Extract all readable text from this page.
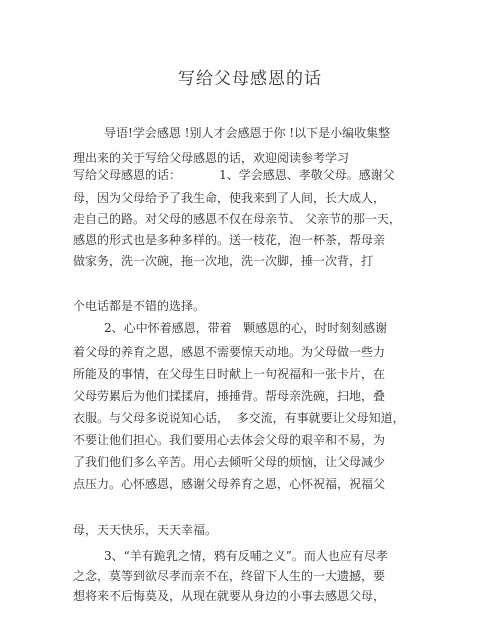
写给父母感恩的话
导语!学会感恩 !别人才会感恩于你 !以下是小编收集整
理出来的关于写给父母感恩的话，欢迎阅读参考学习
写给父母感恩的话：          1、学会感恩、孝敬父母。感谢父
母，因为父母给予了我生命，使我来到了人间，长大成人，
走自己的路。对父母的感恩不仅在母亲节、 父亲节的那一天，
感恩的形式也是多种多样的。送一枝花，泡一杯茶，帮母亲
做家务，洗一次碗，拖一次地，洗一次脚，捶一次背，打
个电话都是不错的选择。
2、心中怀着感恩，带着   颗感恩的心，时时刻刻感谢
着父母的养育之恩，感恩不需要惊天动地。为父母做一些力
所能及的事情，在父母生日时献上一句祝福和一张卡片，在
父母劳累后为他们揉揉肩，捶捶背。帮母亲洗碗，扫地，叠
衣服。与父母多说说知心话，  多交流，有事就要让父母知道，
不要让他们担心。我们要用心去体会父母的艰辛和不易，为
了我们他们多么辛苦。用心去倾听父母的烦恼，让父母减少
点压力。心怀感恩，感谢父母养育之恩，心怀祝福，祝福父
母，天天快乐，天天幸福。
3、“羊有跪乳之情，鸦有反哺之义”。而人也应有尽孝
之念，莫等到欲尽孝而亲不在，终留下人生的一大遗撼，要
想将来不后悔莫及，从现在就要从身边的小事去感恩父母，
